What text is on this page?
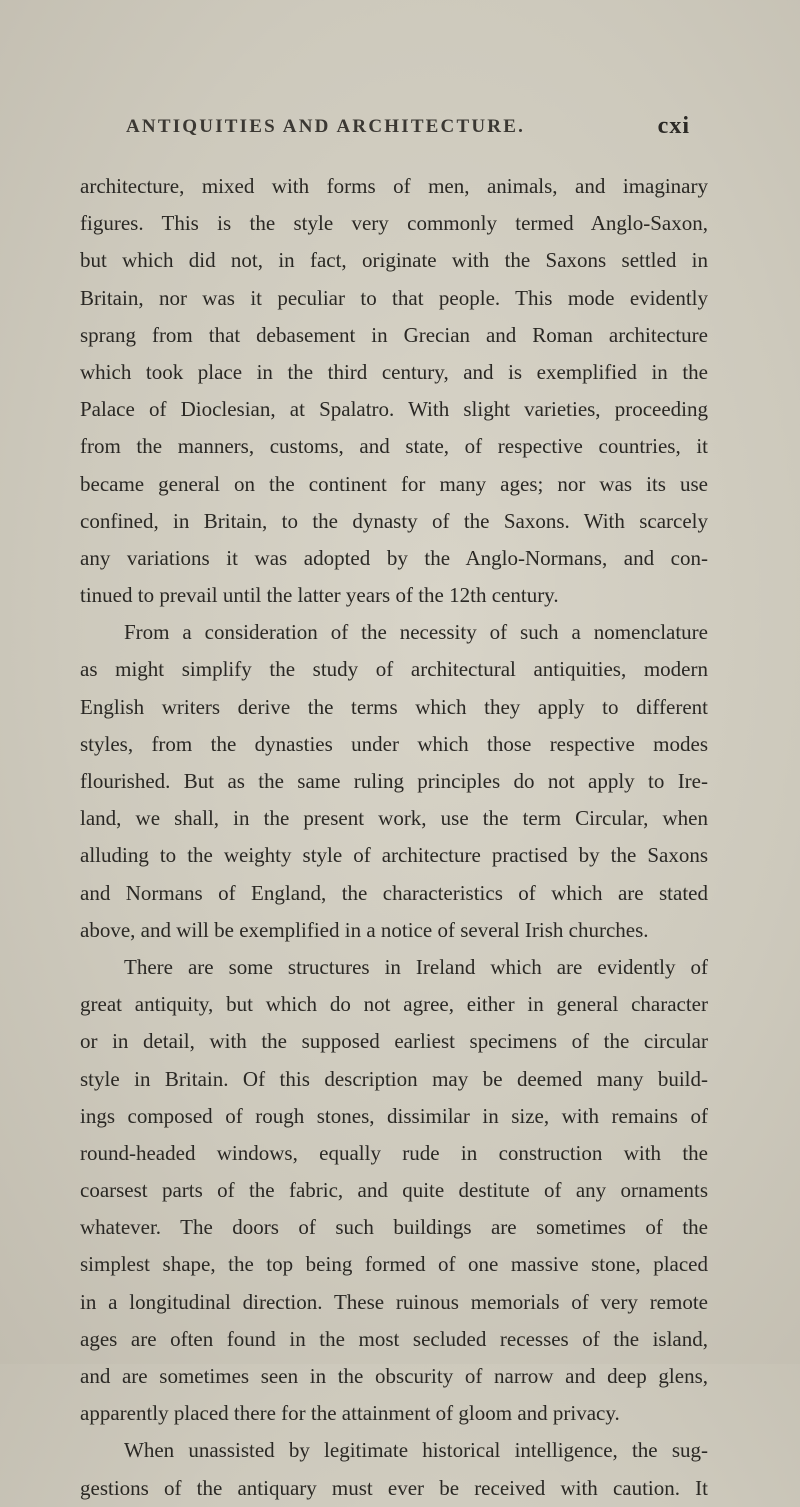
ANTIQUITIES AND ARCHITECTURE.	cxi
architecture, mixed with forms of men, animals, and imaginary
figures. This is the style very commonly termed Anglo-Saxon,
but which did not, in fact, originate with the Saxons settled in
Britain, nor was it peculiar to that people. This mode evidently
sprang from that debasement in Grecian and Roman architecture
which took place in the third century, and is exemplified in the
Palace of Dioclesian, at Spalatro. With slight varieties, proceeding
from the manners, customs, and state, of respective countries, it
became general on the continent for many ages; nor was its use
confined, in Britain, to the dynasty of the Saxons. With scarcely
any variations it was adopted by the Anglo-Normans, and con-
tinued to prevail until the latter years of the 12th century.
From a consideration of the necessity of such a nomenclature
as might simplify the study of architectural antiquities, modern
English writers derive the terms which they apply to different
styles, from the dynasties under which those respective modes
flourished. But as the same ruling principles do not apply to Ire-
land, we shall, in the present work, use the term Circular, when
alluding to the weighty style of architecture practised by the Saxons
and Normans of England, the characteristics of which are stated
above, and will be exemplified in a notice of several Irish churches.
There are some structures in Ireland which are evidently of
great antiquity, but which do not agree, either in general character
or in detail, with the supposed earliest specimens of the circular
style in Britain. Of this description may be deemed many build-
ings composed of rough stones, dissimilar in size, with remains of
round-headed windows, equally rude in construction with the
coarsest parts of the fabric, and quite destitute of any ornaments
whatever. The doors of such buildings are sometimes of the
simplest shape, the top being formed of one massive stone, placed
in a longitudinal direction. These ruinous memorials of very remote
ages are often found in the most secluded recesses of the island,
and are sometimes seen in the obscurity of narrow and deep glens,
apparently placed there for the attainment of gloom and privacy.
When unassisted by legitimate historical intelligence, the sug-
gestions of the antiquary must ever be received with caution. It
